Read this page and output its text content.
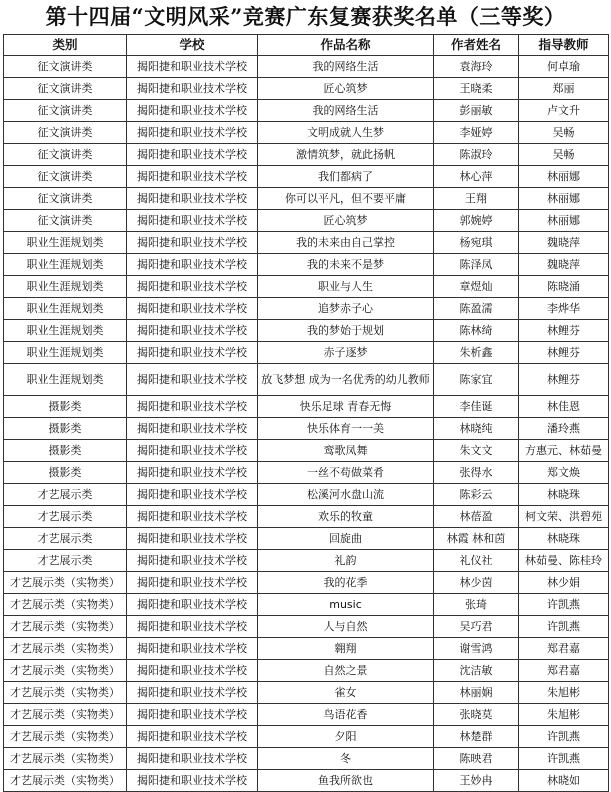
第十四届“文明风采”竞赛广东复赛获奖名单（三等奖）
类别	学校	作品名称	作者姓名	指导教师
征文演讲类	揭阳捷和职业技术学校	我的网络生活	袁海玲	何卓瑜
征文演讲类	揭阳捷和职业技术学校	匠心筑梦	王晓柔	郑丽
征文演讲类	揭阳捷和职业技术学校	我的网络生活	彭丽敏	卢文升
征文演讲类	揭阳捷和职业技术学校	文明成就人生梦	李娅婷	吴畅
征文演讲类	揭阳捷和职业技术学校	激情筑梦，就此扬帆	陈淑玲	吴畅
征文演讲类	揭阳捷和职业技术学校	我们都病了	林心萍	林丽娜
征文演讲类	揭阳捷和职业技术学校	你可以平凡，但不要平庸	王翔	林丽娜
征文演讲类	揭阳捷和职业技术学校	匠心筑梦	郭婉婷	林丽娜
职业生涯规划类	揭阳捷和职业技术学校	我的未来由自己掌控	杨宛琪	魏晓萍
职业生涯规划类	揭阳捷和职业技术学校	我的未来不是梦	陈泽凤	魏晓萍
职业生涯规划类	揭阳捷和职业技术学校	职业与人生	章煜灿	陈晓涌
职业生涯规划类	揭阳捷和职业技术学校	追梦赤子心	陈盈濡	李烨华
职业生涯规划类	揭阳捷和职业技术学校	我的梦始于规划	陈林绮	林鲤芬
职业生涯规划类	揭阳捷和职业技术学校	赤子逐梦	朱析鑫	林鲤芬
职业生涯规划类	揭阳捷和职业技术学校	放飞梦想 成为一名优秀的幼儿教师	陈家宜	林鲤芬
摄影类	揭阳捷和职业技术学校	快乐足球 青春无悔	李佳诞	林佳恩
摄影类	揭阳捷和职业技术学校	快乐体育一一美	林晓纯	潘玲燕
摄影类	揭阳捷和职业技术学校	鸾歌凤舞	朱文文	方惠元、林茹曼
摄影类	揭阳捷和职业技术学校	一丝不苟做菜肴	张得水	郑文焕
才艺展示类	揭阳捷和职业技术学校	松溪河水盘山流	陈彩云	林晓珠
才艺展示类	揭阳捷和职业技术学校	欢乐的牧童	林蓓盈	柯文荣、洪碧苑
才艺展示类	揭阳捷和职业技术学校	回旋曲	林霞 林和茵	林晓珠
才艺展示类	揭阳捷和职业技术学校	礼韵	礼仪社	林茹曼、陈桂玲
才艺展示类（实物类）	揭阳捷和职业技术学校	我的花季	林少茵	林少娟
才艺展示类（实物类）	揭阳捷和职业技术学校	music	张琦	许凯燕
才艺展示类（实物类）	揭阳捷和职业技术学校	人与自然	吴巧君	许凯燕
才艺展示类（实物类）	揭阳捷和职业技术学校	翱翔	谢雪鸿	郑君嘉
才艺展示类（实物类）	揭阳捷和职业技术学校	自然之景	沈洁敏	郑君嘉
才艺展示类（实物类）	揭阳捷和职业技术学校	雀女	林丽娴	朱旭彬
才艺展示类（实物类）	揭阳捷和职业技术学校	鸟语花香	张晓莫	朱旭彬
才艺展示类（实物类）	揭阳捷和职业技术学校	夕阳	林楚群	许凯燕
才艺展示类（实物类）	揭阳捷和职业技术学校	冬	陈映君	许凯燕
才艺展示类（实物类）	揭阳捷和职业技术学校	鱼我所欲也	王妙冉	林晓如
